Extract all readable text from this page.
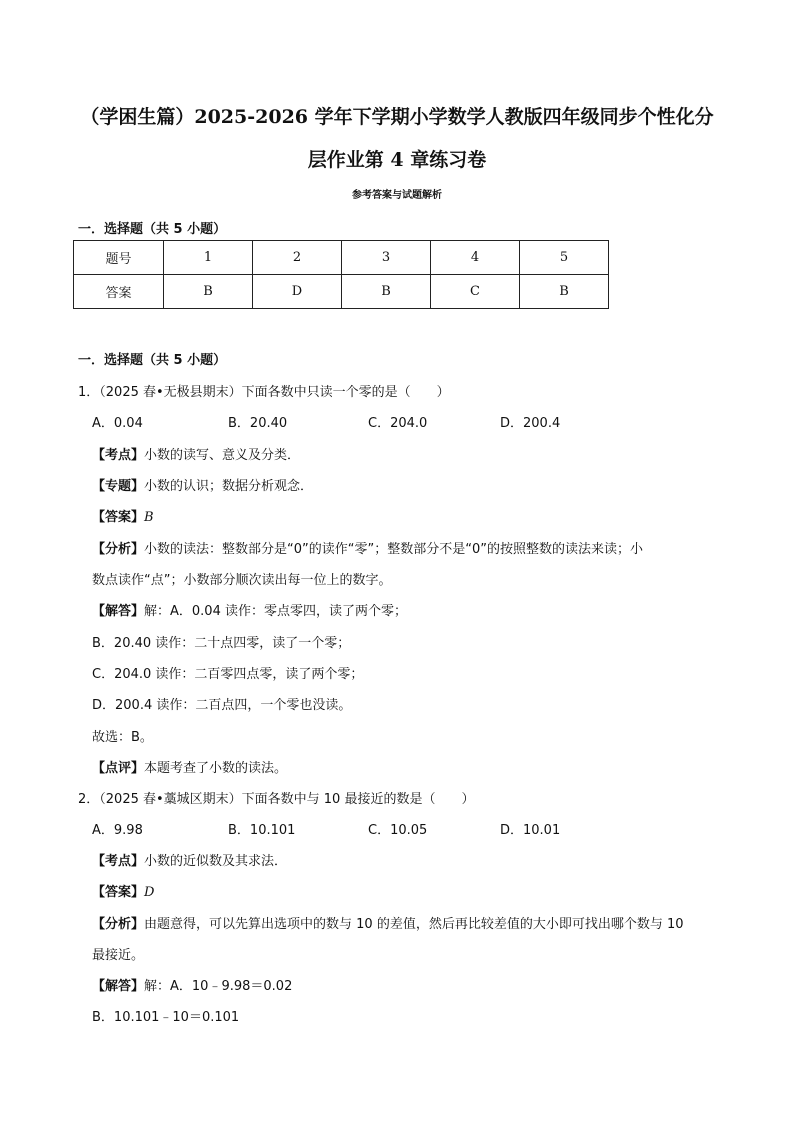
（学困生篇）2025-2026 学年下学期小学数学人教版四年级同步个性化分
层作业第 4 章练习卷
参考答案与试题解析
一．选择题（共 5 小题）
题号	1	2	3	4	5
答案	B	D	B	C	B
一．选择题（共 5 小题）
1．（2025 春•无极县期末）下面各数中只读一个零的是（　　）
A．0.04	B．20.40	C．204.0	D．200.4
【考点】小数的读写、意义及分类．
【专题】小数的认识；数据分析观念．
【答案】B
【分析】小数的读法：整数部分是“0”的读作“零”；整数部分不是“0”的按照整数的读法来读；小
数点读作“点”；小数部分顺次读出每一位上的数字。
【解答】解：A．0.04 读作：零点零四，读了两个零；
B．20.40 读作：二十点四零，读了一个零；
C．204.0 读作：二百零四点零，读了两个零；
D．200.4 读作：二百点四，一个零也没读。
故选：B。
【点评】本题考查了小数的读法。
2．（2025 春•藁城区期末）下面各数中与 10 最接近的数是（　　）
A．9.98	B．10.101	C．10.05	D．10.01
【考点】小数的近似数及其求法．
【答案】D
【分析】由题意得，可以先算出选项中的数与 10 的差值，然后再比较差值的大小即可找出哪个数与 10
最接近。
【解答】解：A．10﹣9.98＝0.02
B．10.101﹣10＝0.101
